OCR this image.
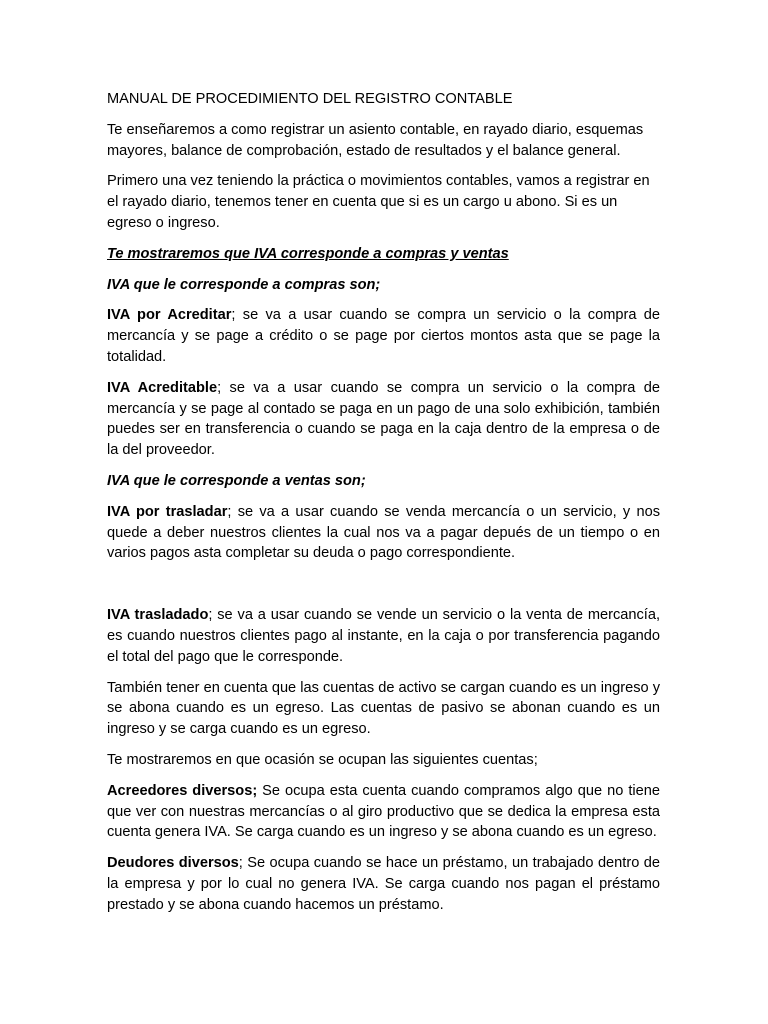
MANUAL DE PROCEDIMIENTO DEL REGISTRO CONTABLE

Te enseñaremos a como registrar un asiento contable, en rayado diario, esquemas mayores, balance de comprobación, estado de resultados y el balance general.

Primero una vez teniendo la práctica o movimientos contables, vamos a registrar en el rayado diario, tenemos tener en cuenta que si es un cargo u abono. Si es un egreso o ingreso.

Te mostraremos que IVA corresponde a compras y ventas

IVA que le corresponde a compras son;

IVA por Acreditar; se va a usar cuando se compra un servicio o la compra de mercancía y se page a crédito o se page por ciertos montos asta que se page la totalidad.

IVA Acreditable; se va a usar cuando se compra un servicio o la compra de mercancía y se page al contado se paga en un pago de una solo exhibición, también puedes ser en transferencia o cuando se paga en la caja dentro de la empresa o de la del proveedor.

IVA que le corresponde a ventas son;

IVA por trasladar; se va a usar cuando se venda mercancía o un servicio, y nos quede a deber nuestros clientes la cual nos va a pagar depués de un tiempo o en varios pagos asta completar su deuda o pago correspondiente.

IVA trasladado; se va a usar cuando se vende un servicio o la venta de mercancía, es cuando nuestros clientes pago al instante, en la caja o por transferencia pagando el total del pago que le corresponde.

También tener en cuenta que las cuentas de activo se cargan cuando es un ingreso y se abona cuando es un egreso. Las cuentas de pasivo se abonan cuando es un ingreso y se carga cuando es un egreso.

Te mostraremos en que ocasión se ocupan las siguientes cuentas;

Acreedores diversos; Se ocupa esta cuenta cuando compramos algo que no tiene que ver con nuestras mercancías o al giro productivo que se dedica la empresa esta cuenta genera IVA. Se carga cuando es un ingreso y se abona cuando es un egreso.

Deudores diversos; Se ocupa cuando se hace un préstamo, un trabajado dentro de la empresa y por lo cual no genera IVA. Se carga cuando nos pagan el préstamo prestado y se abona cuando hacemos un préstamo.
